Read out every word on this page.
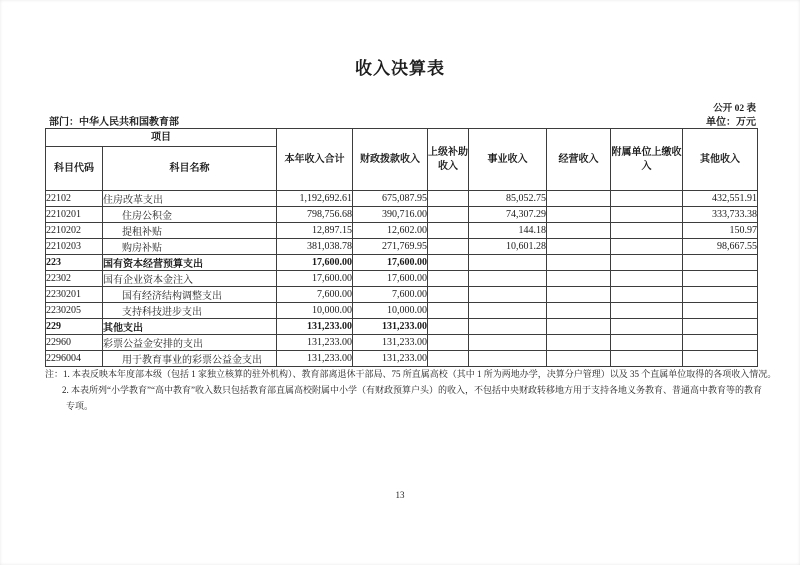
收入决算表
公开 02 表
部门：中华人民共和国教育部	单位：万元
项目		本年收入合计	财政拨款收入	上级补助收入	事业收入	经营收入	附属单位上缴收入	其他收入
科目代码	科目名称							
22102	住房改革支出	1,192,692.61	675,087.95		85,052.75			432,551.91
2210201	住房公积金	798,756.68	390,716.00		74,307.29			333,733.38
2210202	提租补贴	12,897.15	12,602.00		144.18			150.97
2210203	购房补贴	381,038.78	271,769.95		10,601.28			98,667.55
223	国有资本经营预算支出	17,600.00	17,600.00					
22302	国有企业资本金注入	17,600.00	17,600.00					
2230201	国有经济结构调整支出	7,600.00	7,600.00					
2230205	支持科技进步支出	10,000.00	10,000.00					
229	其他支出	131,233.00	131,233.00					
22960	彩票公益金安排的支出	131,233.00	131,233.00					
2296004	用于教育事业的彩票公益金支出	131,233.00	131,233.00					
注：1. 本表反映本年度部本级（包括 1 家独立核算的驻外机构）、教育部离退休干部局、75 所直属高校（其中 1 所为两地办学，决算分户管理）以及 35 个直属单位取得的各项收入情况。
2. 本表所列“小学教育”“高中教育”收入数只包括教育部直属高校附属中小学（有财政预算户头）的收入，不包括中央财政转移地方用于支持各地义务教育、普通高中教育等的教育
专项。
13
